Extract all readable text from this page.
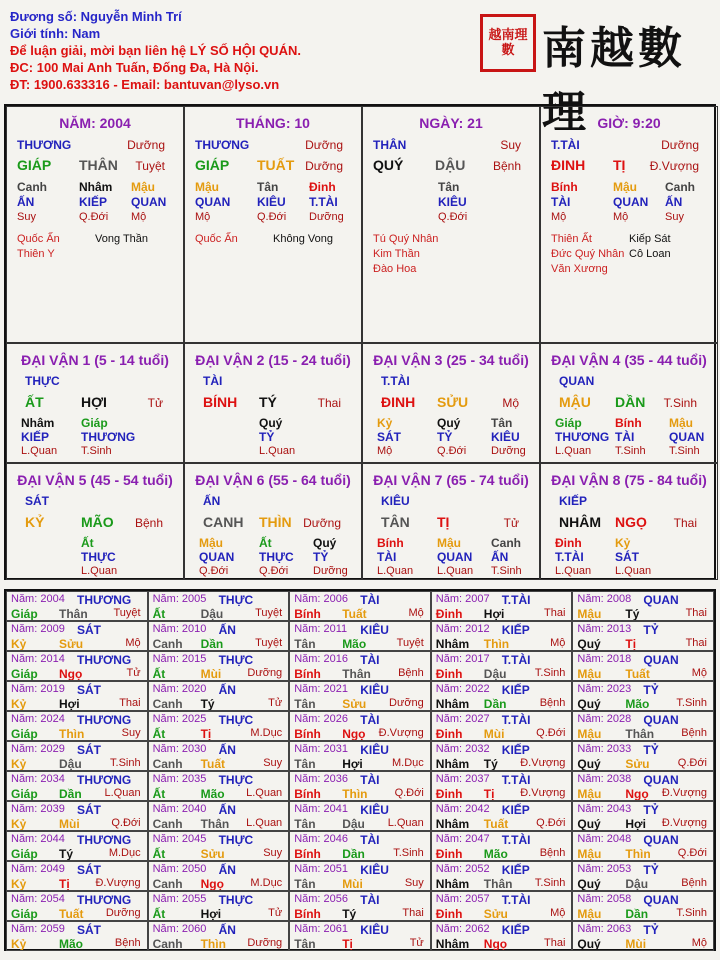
Đương số: Nguyễn Minh Trí
Giới tính: Nam
Để luận giải, mời bạn liên hệ LÝ SỐ HỘI QUÁN.
ĐC: 100 Mai Anh Tuấn, Đống Đa, Hà Nội.
ĐT: 1900.633316 - Email: bantuvan@lyso.vn
越南理數 南越數理
NĂM: 2004
THƯƠNG	Dưỡng
GIÁP THÂN Tuyệt
Canh
ẤN
Suy
Nhâm
KIẾP
Q.Đới
Mậu
QUAN
Mộ
Quốc Ấn
Thiên Y
Vong Thần
THÁNG: 10
THƯƠNG	Dưỡng
GIÁP TUẤT Dưỡng
Mậu
QUAN
Mộ
Tân
KIÊU
Q.Đới
Đinh
T.TÀI
Dưỡng
Quốc Ấn	Không Vong
NGÀY: 21
THÂN	Suy
QUÝ DẬU Bệnh
Tân
KIÊU
Q.Đới
Tú Quý Nhân
Kim Thần
Đào Hoa
GIỜ: 9:20
T.TÀI	Dưỡng
ĐINH TỊ Đ.Vượng
Bính
TÀI
Mộ
Mậu
QUAN
Mộ
Canh
ẤN
Suy
Thiên Ất
Đức Quý Nhân
Văn Xương
Kiếp Sát
Cô Loan
ĐẠI VẬN 1 (5 - 14 tuổi)
THỰC
ẤT	HỢI	Tử
Nhâm
KIẾP
L.Quan
Giáp
THƯƠNG
T.Sinh
ĐẠI VẬN 2 (15 - 24 tuổi)
TÀI
BÍNH TÝ	Thai
Quý
TỶ
L.Quan
ĐẠI VẬN 3 (25 - 34 tuổi)
T.TÀI
ĐINH SỬU	Mộ
Kỷ
SÁT
Mộ
Quý
TỶ
Q.Đới
Tân
KIÊU
Dưỡng
ĐẠI VẬN 4 (35 - 44 tuổi)
QUAN
MẬU DẦN T.Sinh
Giáp
THƯƠNG
L.Quan
Bính
TÀI
T.Sinh
Mậu
QUAN
T.Sinh
ĐẠI VẬN 5 (45 - 54 tuổi)
SÁT
KỶ	MÃO Bệnh
Ất
THỰC
L.Quan
ĐẠI VẬN 6 (55 - 64 tuổi)
ẤN
CANH THÌN Dưỡng
Mậu
QUAN
Q.Đới
Ất
THỰC
Q.Đới
Quý
TỶ
Dưỡng
ĐẠI VẬN 7 (65 - 74 tuổi)
KIÊU
TÂN TỊ	Tử
Bính
TÀI
L.Quan
Mậu
QUAN
L.Quan
Canh
ẤN
T.Sinh
ĐẠI VẬN 8 (75 - 84 tuổi)
KIẾP
NHÂM NGỌ Thai
Đinh
T.TÀI
L.Quan
Kỷ
SÁT
L.Quan
Năm: 2004 THƯƠNG
Giáp Thân Tuyệt
Năm: 2005 THỰC
Ất	Dậu	Tuyệt
Năm: 2006 TÀI
Bính Tuất	Mộ
Năm: 2007 T.TÀI
Đinh Hợi	Thai
Năm: 2008 QUAN
Mậu Tý	Thai
Năm: 2009 SÁT
Kỷ	Sửu	Mộ
Năm: 2010 ẤN
Canh Dần	Tuyệt
Năm: 2011 KIÊU
Tân Mão	Tuyệt
Năm: 2012 KIẾP
Nhâm Thìn	Mộ
Năm: 2013 TỶ
Quý Tị	Thai
Năm: 2014 THƯƠNG
Giáp Ngọ	Tử
Năm: 2015 THỰC
Ất	Mùi Dưỡng
Năm: 2016 TÀI
Bính Thân Bệnh
Năm: 2017 T.TÀI
Đinh Dậu	T.Sinh
Năm: 2018 QUAN
Mậu Tuất	Mộ
Năm: 2019 SÁT
Kỷ	Hợi	Thai
Năm: 2020 ẤN
Canh Tý	Tử
Năm: 2021 KIÊU
Tân Sửu Dưỡng
Năm: 2022 KIẾP
Nhâm Dần	Bệnh
Năm: 2023 TỶ
Quý Mão T.Sinh
Năm: 2024 THƯƠNG
Giáp Thìn	Suy
Năm: 2025 THỰC
Ất	Tị	M.Dục
Năm: 2026 TÀI
Bính Ngọ Đ.Vượng
Năm: 2027 T.TÀI
Đinh Mùi	Q.Đới
Năm: 2028 QUAN
Mậu Thân Bệnh
Năm: 2029 SÁT
Kỷ	Dậu	T.Sinh
Năm: 2030 ẤN
Canh Tuất	Suy
Năm: 2031 KIÊU
Tân Hợi	M.Dục
Năm: 2032 KIẾP
Nhâm Tý Đ.Vượng
Năm: 2033 TỶ
Quý Sửu	Q.Đới
Năm: 2034 THƯƠNG
Giáp Dần L.Quan
Năm: 2035 THỰC
Ất	Mão L.Quan
Năm: 2036 TÀI
Bính Thìn Q.Đới
Năm: 2037 T.TÀI
Đinh Tị Đ.Vượng
Năm: 2038 QUAN
Mậu Ngọ Đ.Vượng
Năm: 2039 SÁT
Kỷ	Mùi	Q.Đới
Năm: 2040 ẤN
Canh Thân L.Quan
Năm: 2041 KIÊU
Tân Dậu L.Quan
Năm: 2042 KIẾP
Nhâm Tuất	Q.Đới
Năm: 2043 TỶ
Quý Hợi Đ.Vượng
Năm: 2044 THƯƠNG
Giáp Tý	M.Dục
Năm: 2045 THỰC
Ất	Sửu	Suy
Năm: 2046 TÀI
Bính Dần	T.Sinh
Năm: 2047 T.TÀI
Đinh Mão	Bệnh
Năm: 2048 QUAN
Mậu Thìn Q.Đới
Năm: 2049 SÁT
Kỷ	Tị Đ.Vượng
Năm: 2050 ẤN
Canh Ngọ M.Dục
Năm: 2051 KIÊU
Tân Mùi	Suy
Năm: 2052 KIẾP
Nhâm Thân T.Sinh
Năm: 2053 TỶ
Quý Dậu	Bệnh
Năm: 2054 THƯƠNG
Giáp Tuất Dưỡng
Năm: 2055 THỰC
Ất	Hợi	Tử
Năm: 2056 TÀI
Bính Tý	Thai
Năm: 2057 T.TÀI
Đinh Sửu	Mộ
Năm: 2058 QUAN
Mậu Dần	T.Sinh
Năm: 2059 SÁT
Kỷ	Mão	Bệnh
Năm: 2060 ẤN
Canh Thìn Dưỡng
Năm: 2061 KIÊU
Tân Tị	Tử
Năm: 2062 KIẾP
Nhâm Ngọ	Thai
Năm: 2063 TỶ
Quý Mùi	Mộ
